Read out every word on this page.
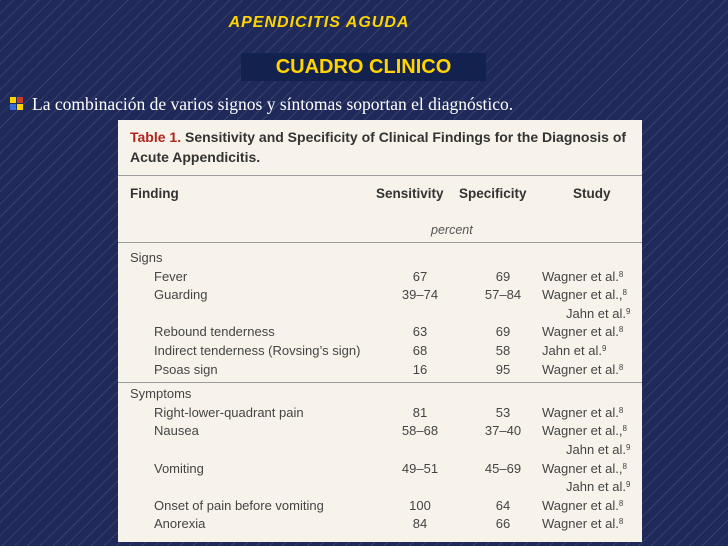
APENDICITIS AGUDA
CUADRO CLINICO
La combinación de varios signos y síntomas soportan el diagnóstico.
Table 1. Sensitivity and Specificity of Clinical Findings for the Diagnosis of Acute Appendicitis.
Finding	Sensitivity Specificity	Study
percent
Signs
Fever	67	69	Wagner et al.$^8$
Guarding	39–74	57–84	Wagner et al.,$^8$
Jahn et al.$^9$
Rebound tenderness	63	69	Wagner et al.$^8$
Indirect tenderness (Rovsing’s sign)	68	58	Jahn et al.$^9$
Psoas sign	16	95	Wagner et al.$^8$
Symptoms
Right-lower-quadrant pain	81	53	Wagner et al.$^8$
Nausea	58–68	37–40	Wagner et al.,$^8$
Jahn et al.$^9$
Vomiting	49–51	45–69	Wagner et al.,$^8$
Jahn et al.$^9$
Onset of pain before vomiting	100	64	Wagner et al.$^8$
Anorexia	84	66	Wagner et al.$^8$
